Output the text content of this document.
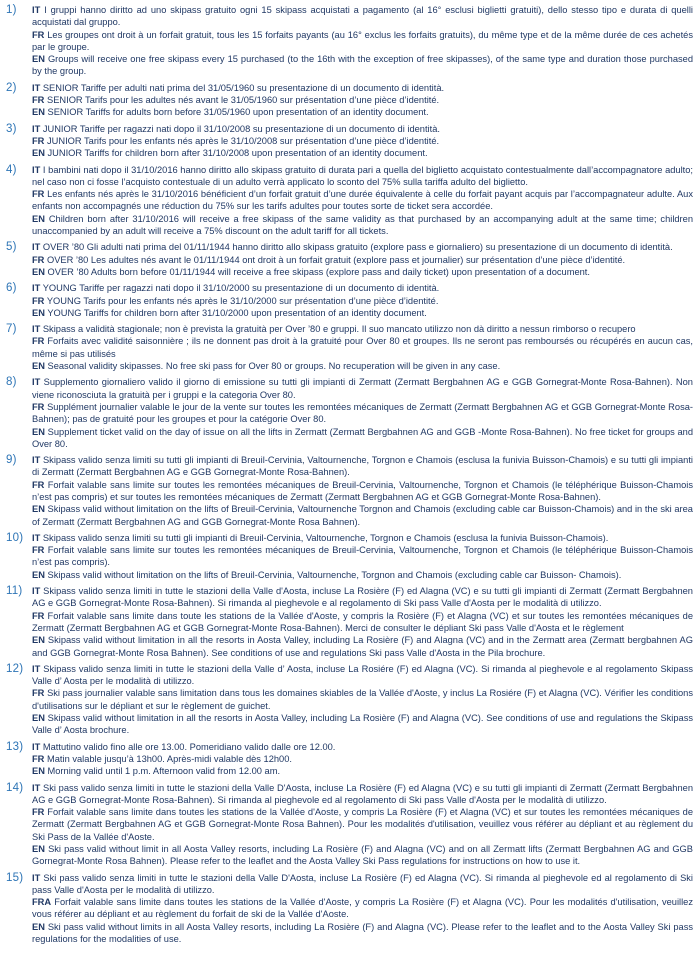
1)	IT I gruppi hanno diritto ad uno skipass gratuito ogni 15 skipass acquistati a pagamento (al 16° esclusi biglietti gratuiti), dello stesso tipo e durata di quelli acquistati dal gruppo.
FR Les groupes ont droit à un forfait gratuit, tous les 15 forfaits payants (au 16° exclus les forfaits gratuits), du même type et de la même durée de ces achetés par le groupe.
EN Groups will receive one free skipass every 15 purchased (to the 16th with the exception of free skipasses), of the same type and duration those purchased by the group.
2)	IT SENIOR Tariffe per adulti nati prima del 31/05/1960 su presentazione di un documento di identità.
FR SENIOR Tarifs pour les adultes nés avant le 31/05/1960 sur présentation d’une pièce d’identité.
EN SENIOR Tariffs for adults born before 31/05/1960 upon presentation of an identity document.
3)	IT JUNIOR Tariffe per ragazzi nati dopo il 31/10/2008 su presentazione di un documento di identità.
FR JUNIOR Tarifs pour les enfants nés après le 31/10/2008 sur présentation d’une pièce d’identité.
EN JUNIOR Tariffs for children born after 31/10/2008 upon presentation of an identity document.
4)	IT I bambini nati dopo il 31/10/2016 hanno diritto allo skipass gratuito di durata pari a quella del biglietto acquistato contestualmente dall’accompagnatore adulto; nel caso non ci fosse l’acquisto contestuale di un adulto verrà applicato lo sconto del 75% sulla tariffa adulto del biglietto.
FR Les enfants nés après le 31/10/2016 bénéficient d’un forfait gratuit d’une durée équivalente à celle du forfait payant acquis par l’accompagnateur adulte. Aux enfants non accompagnés une réduction du 75% sur les tarifs adultes pour toutes sorte de ticket sera accordée.
EN Children born after 31/10/2016 will receive a free skipass of the same validity as that purchased by an accompanying adult at the same time; children unaccompanied by an adult will receive a 75% discount on the adult tariff for all tickets.
5)	IT OVER ’80 Gli adulti nati prima del 01/11/1944 hanno diritto allo skipass gratuito (explore pass e giornaliero) su presentazione di un documento di identità.
FR OVER ’80 Les adultes nés avant le 01/11/1944 ont droit à un forfait gratuit (explore pass et journalier) sur présentation d’une pièce d’identité.
EN OVER ’80 Adults born before 01/11/1944 will receive a free skipass (explore pass and daily ticket) upon presentation of a document.
6)	IT YOUNG Tariffe per ragazzi nati dopo il 31/10/2000 su presentazione di un documento di identità.
FR YOUNG Tarifs pour les enfants nés après le 31/10/2000 sur présentation d’une pièce d’identité.
EN YOUNG Tariffs for children born after 31/10/2000 upon presentation of an identity document.
7)	IT Skipass a validità stagionale; non è prevista la gratuità per Over ’80 e gruppi. Il suo mancato utilizzo non dà diritto a nessun rimborso o recupero
FR Forfaits avec validité saisonnière ; ils ne donnent pas droit à la gratuité pour Over 80 et groupes. Ils ne seront pas remboursés ou récupérés en aucun cas, même si pas utilisés
EN Seasonal validity skipasses. No free ski pass for Over 80 or groups. No recuperation will be given in any case.
8)	IT Supplemento giornaliero valido il giorno di emissione su tutti gli impianti di Zermatt (Zermatt Bergbahnen AG e GGB Gornegrat-Monte Rosa-Bahnen). Non viene riconosciuta la gratuità per i gruppi e la categoria Over 80.
FR Supplément journalier valable le jour de la vente sur toutes les remontées mécaniques de Zermatt (Zermatt Bergbahnen AG et GGB Gornegrat-Monte Rosa-Bahnen); pas de gratuité pour les groupes et pour la catégorie Over 80.
EN Supplement ticket valid on the day of issue on all the lifts in Zermatt (Zermatt Bergbahnen AG and GGB -Monte Rosa-Bahnen). No free ticket for groups and Over 80.
9)	IT Skipass valido senza limiti su tutti gli impianti di Breuil-Cervinia, Valtournenche, Torgnon e Chamois (esclusa la funivia Buisson-Chamois) e su tutti gli impianti di Zermatt (Zermatt Bergbahnen AG e GGB Gornegrat-Monte Rosa-Bahnen).
FR Forfait valable sans limite sur toutes les remontées mécaniques de Breuil-Cervinia, Valtournenche, Torgnon et Chamois (le téléphérique Buisson-Chamois n’est pas compris) et sur toutes les remontées mécaniques de Zermatt (Zermatt Bergbahnen AG et GGB Gornegrat-Monte Rosa-Bahnen).
EN Skipass valid without limitation on the lifts of Breuil-Cervinia, Valtournenche Torgnon and Chamois (excluding cable car Buisson-Chamois) and in the ski area of Zermatt (Zermatt Bergbahnen AG and GGB Gornegrat-Monte Rosa Bahnen).
10) IT Skipass valido senza limiti su tutti gli impianti di Breuil-Cervinia, Valtournenche, Torgnon e Chamois (esclusa la funivia Buisson-Chamois).
FR Forfait valable sans limite sur toutes les remontées mécaniques de Breuil-Cervinia, Valtournenche, Torgnon et Chamois (le téléphérique Buisson-Chamois n’est pas compris).
EN Skipass valid without limitation on the lifts of Breuil-Cervinia, Valtournenche, Torgnon and Chamois (excluding cable car Buisson- Chamois).
11)	IT Skipass valido senza limiti in tutte le stazioni della Valle d'Aosta, incluse La Rosière (F) ed Alagna (VC) e su tutti gli impianti di Zermatt (Zermatt Bergbahnen AG e GGB Gornegrat-Monte Rosa-Bahnen). Si rimanda al pieghevole e al regolamento di Ski pass Valle d'Aosta per le modalità di utilizzo.
FR Forfait valable sans limite dans toute les stations de la Vallée d'Aoste, y compris la Rosière (F) et Alagna (VC) et sur toutes les remontées mécaniques de Zermatt (Zermatt Bergbahnen AG et GGB Gornegrat-Monte Rosa-Bahnen). Merci de consulter le dépliant Ski pass Valle d'Aosta et le règlement
EN Skipass valid without limitation in all the resorts in Aosta Valley, including La Rosière (F) and Alagna (VC) and in the Zermatt area (Zermatt bergbahnen AG and GGB Gornegrat-Monte Rosa Bahnen). See conditions of use and regulations Ski pass Valle d'Aosta in the Pila brochure.
12) IT Skipass valido senza limiti in tutte le stazioni della Valle d’ Aosta, incluse La Rosiére (F) ed Alagna (VC). Si rimanda al pieghevole e al regolamento Skipass Valle d’ Aosta per le modalità di utilizzo.
FR Ski pass journalier valable sans limitation dans tous les domaines skiables de la Vallée d'Aoste, y inclus La Rosiére (F) et Alagna (VC). Vérifier les conditions d'utilisations sur le dépliant et sur le règlement de guichet.
EN Skipass valid without limitation in all the resorts in Aosta Valley, including La Rosière (F) and Alagna (VC). See conditions of use and regulations the Skipass Valle d’ Aosta brochure.
13) IT Mattutino valido fino alle ore 13.00. Pomeridiano valido dalle ore 12.00.
FR Matin valable jusqu’à 13h00. Après-midi valable dès 12h00.
EN Morning valid until 1 p.m. Afternoon valid from 12.00 am.
14) IT Ski pass valido senza limiti in tutte le stazioni della Valle D'Aosta, incluse La Rosière (F) ed Alagna (VC) e su tutti gli impianti di Zermatt (Zermatt Bergbahnen AG e GGB Gornegrat-Monte Rosa-Bahnen). Si rimanda al pieghevole ed al regolamento di Ski pass Valle d'Aosta per le modalità di utilizzo.
FR Forfait valable sans limite dans toutes les stations de la Vallée d'Aoste, y compris La Rosière (F) et Alagna (VC) et sur toutes les remontées mécaniques de Zermatt (Zermatt Bergbahnen AG et GGB Gornegrat-Monte Rosa Bahnen). Pour les modalités d'utilisation, veuillez vous référer au dépliant et au règlement du Ski Pass de la Vallée d'Aoste.
EN Ski pass valid without limit in all Aosta Valley resorts, including La Rosière (F) and Alagna (VC) and on all Zermatt lifts (Zermatt Bergbahnen AG and GGB Gornegrat-Monte Rosa Bahnen). Please refer to the leaflet and the Aosta Valley Ski Pass regulations for instructions on how to use it.
15) IT Ski pass valido senza limiti in tutte le stazioni della Valle D'Aosta, incluse La Rosière (F) ed Alagna (VC). Si rimanda al pieghevole ed al regolamento di Ski pass Valle d'Aosta per le modalità di utilizzo.
FRA Forfait valable sans limite dans toutes les stations de la Vallée d'Aoste, y compris La Rosière (F) et Alagna (VC). Pour les modalités d'utilisation, veuillez vous référer au dépliant et au règlement du forfait de ski de la Vallée d'Aoste.
EN Ski pass valid without limits in all Aosta Valley resorts, including La Rosière (F) and Alagna (VC). Please refer to the leaflet and to the Aosta Valley Ski pass regulations for the modalities of use.
